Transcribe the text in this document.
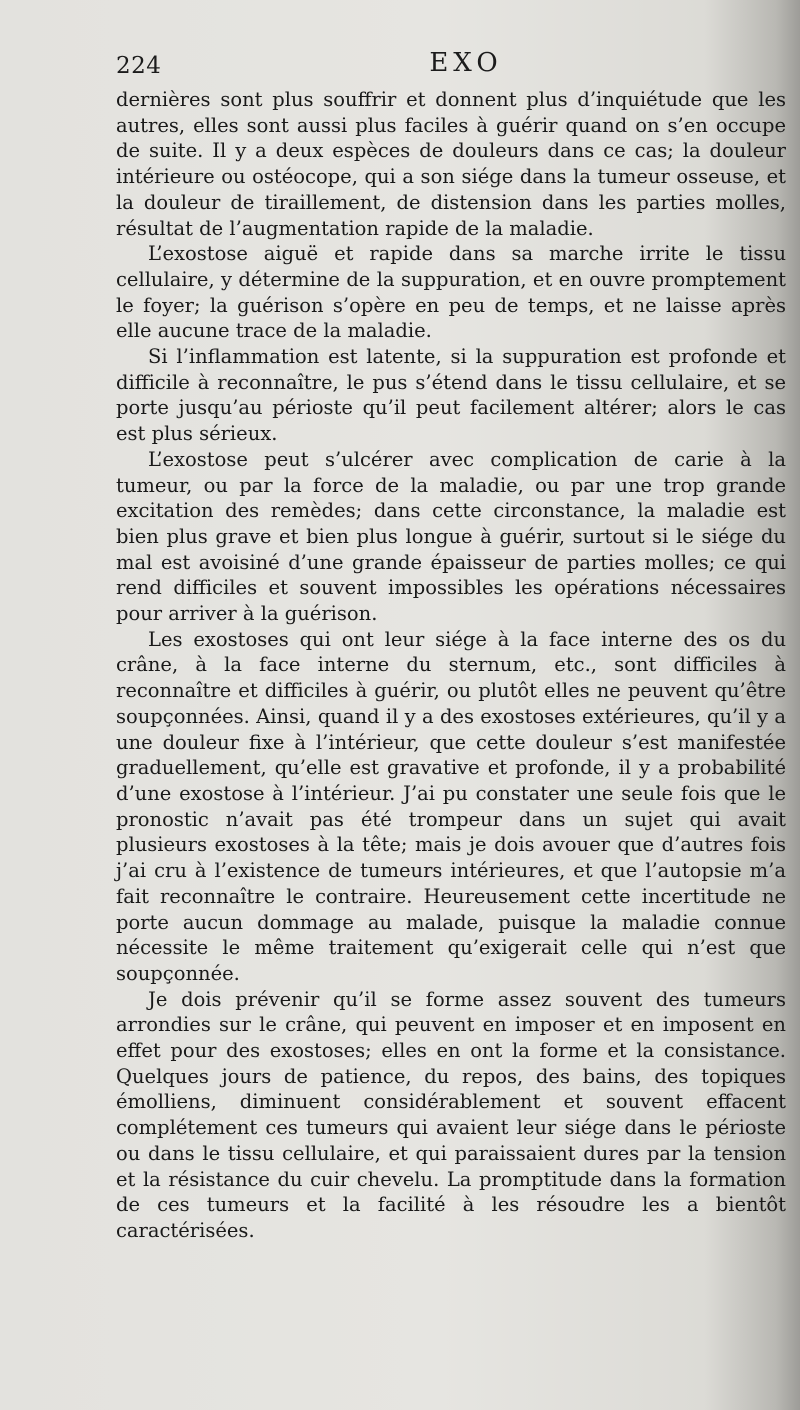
224	EXO

dernières sont plus souffrir et donnent plus d’inquiétude que les autres, elles sont aussi plus faciles à guérir quand on s’en occupe de suite. Il y a deux espèces de douleurs dans ce cas; la douleur intérieure ou ostéocope, qui a son siége dans la tumeur osseuse, et la douleur de tiraillement, de distension dans les parties molles, résultat de l’augmentation rapide de la maladie.

L’exostose aiguë et rapide dans sa marche irrite le tissu cellulaire, y détermine de la suppuration, et en ouvre promptement le foyer; la guérison s’opère en peu de temps, et ne laisse après elle aucune trace de la maladie.

Si l’inflammation est latente, si la suppuration est profonde et difficile à reconnaître, le pus s’étend dans le tissu cellulaire, et se porte jusqu’au périoste qu’il peut facilement altérer; alors le cas est plus sérieux.

L’exostose peut s’ulcérer avec complication de carie à la tumeur, ou par la force de la maladie, ou par une trop grande excitation des remèdes; dans cette circonstance, la maladie est bien plus grave et bien plus longue à guérir, surtout si le siége du mal est avoisiné d’une grande épaisseur de parties molles; ce qui rend difficiles et souvent impossibles les opérations nécessaires pour arriver à la guérison.

Les exostoses qui ont leur siége à la face interne des os du crâne, à la face interne du sternum, etc., sont difficiles à reconnaître et difficiles à guérir, ou plutôt elles ne peuvent qu’être soupçonnées. Ainsi, quand il y a des exostoses extérieures, qu’il y a une douleur fixe à l’intérieur, que cette douleur s’est manifestée graduellement, qu’elle est gravative et profonde, il y a probabilité d’une exostose à l’intérieur. J’ai pu constater une seule fois que le pronostic n’avait pas été trompeur dans un sujet qui avait plusieurs exostoses à la tête; mais je dois avouer que d’autres fois j’ai cru à l’existence de tumeurs intérieures, et que l’autopsie m’a fait reconnaître le contraire. Heureusement cette incertitude ne porte aucun dommage au malade, puisque la maladie connue nécessite le même traitement qu’exigerait celle qui n’est que soupçonnée.

Je dois prévenir qu’il se forme assez souvent des tumeurs arrondies sur le crâne, qui peuvent en imposer et en imposent en effet pour des exostoses; elles en ont la forme et la consistance. Quelques jours de patience, du repos, des bains, des topiques émolliens, diminuent considérablement et souvent effacent complétement ces tumeurs qui avaient leur siége dans le périoste ou dans le tissu cellulaire, et qui paraissaient dures par la tension et la résistance du cuir chevelu. La promptitude dans la formation de ces tumeurs et la facilité à les résoudre les a bientôt caractérisées.
